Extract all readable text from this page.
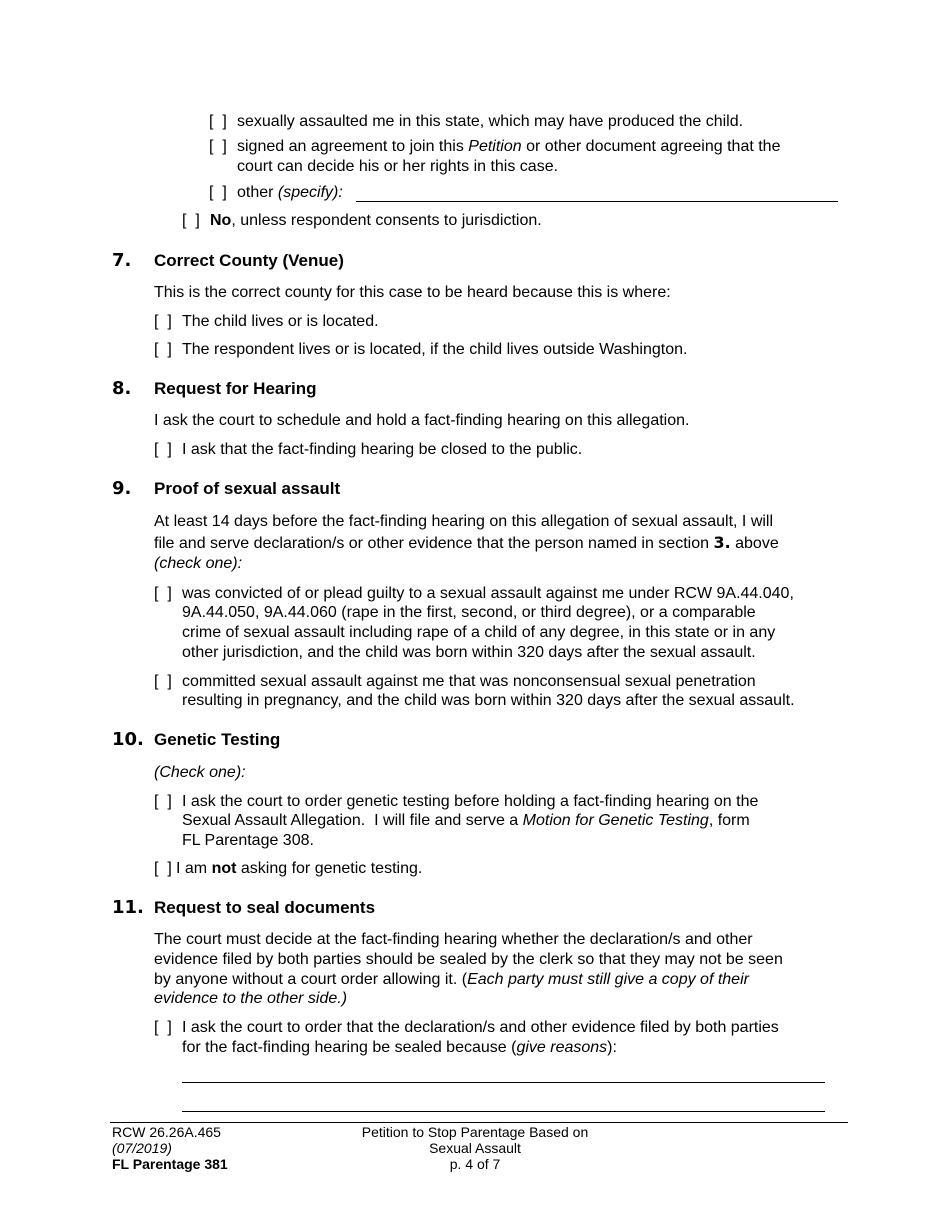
[  ] sexually assaulted me in this state, which may have produced the child.
[  ] signed an agreement to join this Petition or other document agreeing that the
court can decide his or her rights in this case.
[  ] other (specify):
[  ] No, unless respondent consents to jurisdiction.
7. Correct County (Venue)
This is the correct county for this case to be heard because this is where:
[  ] The child lives or is located.
[  ] The respondent lives or is located, if the child lives outside Washington.
8. Request for Hearing
I ask the court to schedule and hold a fact-finding hearing on this allegation.
[  ] I ask that the fact-finding hearing be closed to the public.
9. Proof of sexual assault
At least 14 days before the fact-finding hearing on this allegation of sexual assault, I will
file and serve declaration/s or other evidence that the person named in section 3. above
(check one):
[  ] was convicted of or plead guilty to a sexual assault against me under RCW 9A.44.040,
9A.44.050, 9A.44.060 (rape in the first, second, or third degree), or a comparable
crime of sexual assault including rape of a child of any degree, in this state or in any
other jurisdiction, and the child was born within 320 days after the sexual assault.
[  ] committed sexual assault against me that was nonconsensual sexual penetration
resulting in pregnancy, and the child was born within 320 days after the sexual assault.
10. Genetic Testing
(Check one):
[  ] I ask the court to order genetic testing before holding a fact-finding hearing on the
Sexual Assault Allegation.  I will file and serve a Motion for Genetic Testing, form
FL Parentage 308.
[  ] I am not asking for genetic testing.
11. Request to seal documents
The court must decide at the fact-finding hearing whether the declaration/s and other
evidence filed by both parties should be sealed by the clerk so that they may not be seen
by anyone without a court order allowing it. (Each party must still give a copy of their
evidence to the other side.)
[  ] I ask the court to order that the declaration/s and other evidence filed by both parties
for the fact-finding hearing be sealed because (give reasons):
RCW 26.26A.465
(07/2019)
FL Parentage 381
Petition to Stop Parentage Based on
Sexual Assault
p. 4 of 7
